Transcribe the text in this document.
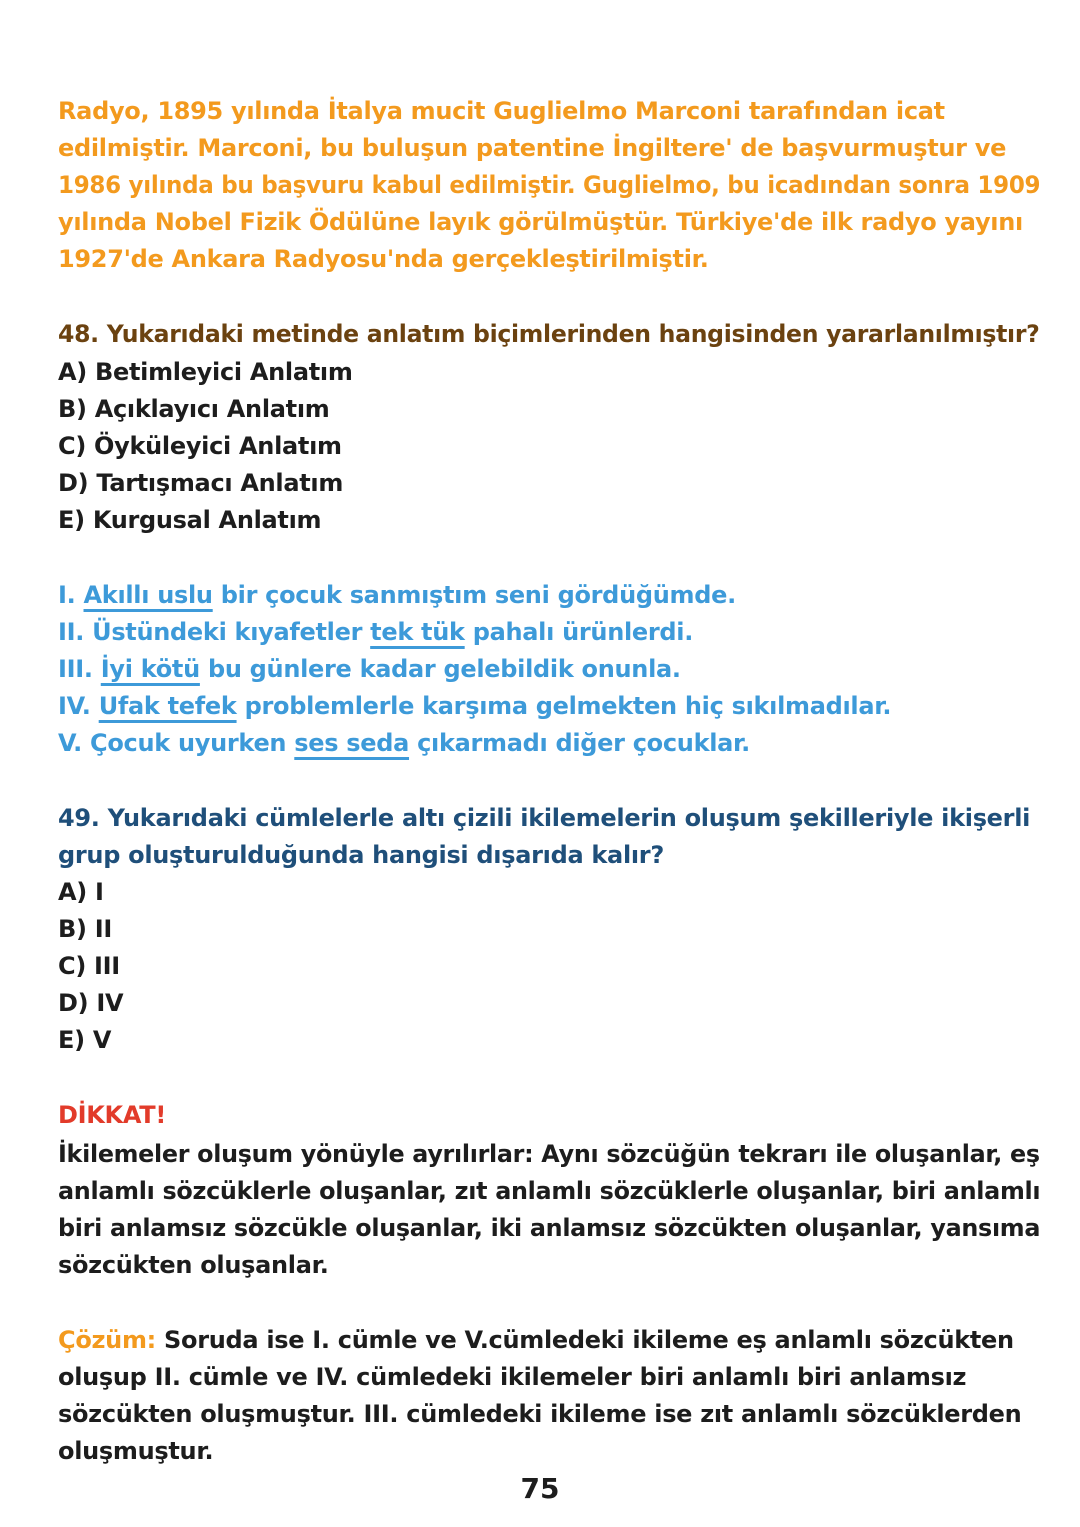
Radyo, 1895 yılında İtalya mucit Guglielmo Marconi tarafından icat
edilmiştir. Marconi, bu buluşun patentine İngiltere' de başvurmuştur ve
1986 yılında bu başvuru kabul edilmiştir. Guglielmo, bu icadından sonra 1909
yılında Nobel Fizik Ödülüne layık görülmüştür. Türkiye'de ilk radyo yayını
1927'de Ankara Radyosu'nda gerçekleştirilmiştir.
48. Yukarıdaki metinde anlatım biçimlerinden hangisinden yararlanılmıştır?
A) Betimleyici Anlatım
B) Açıklayıcı Anlatım
C) Öyküleyici Anlatım
D) Tartışmacı Anlatım
E) Kurgusal Anlatım
I. Akıllı uslu bir çocuk sanmıştım seni gördüğümde.
II. Üstündeki kıyafetler tek tük pahalı ürünlerdi.
III. İyi kötü bu günlere kadar gelebildik onunla.
IV. Ufak tefek problemlerle karşıma gelmekten hiç sıkılmadılar.
V. Çocuk uyurken ses seda çıkarmadı diğer çocuklar.
49. Yukarıdaki cümlelerle altı çizili ikilemelerin oluşum şekilleriyle ikişerli
grup oluşturulduğunda hangisi dışarıda kalır?
A) I
B) II
C) III
D) IV
E) V
DİKKAT!
İkilemeler oluşum yönüyle ayrılırlar: Aynı sözcüğün tekrarı ile oluşanlar, eş
anlamlı sözcüklerle oluşanlar, zıt anlamlı sözcüklerle oluşanlar, biri anlamlı
biri anlamsız sözcükle oluşanlar, iki anlamsız sözcükten oluşanlar, yansıma
sözcükten oluşanlar.
Çözüm: Soruda ise I. cümle ve V.cümledeki ikileme eş anlamlı sözcükten
oluşup II. cümle ve IV. cümledeki ikilemeler biri anlamlı biri anlamsız
sözcükten oluşmuştur. III. cümledeki ikileme ise zıt anlamlı sözcüklerden
oluşmuştur.
75
